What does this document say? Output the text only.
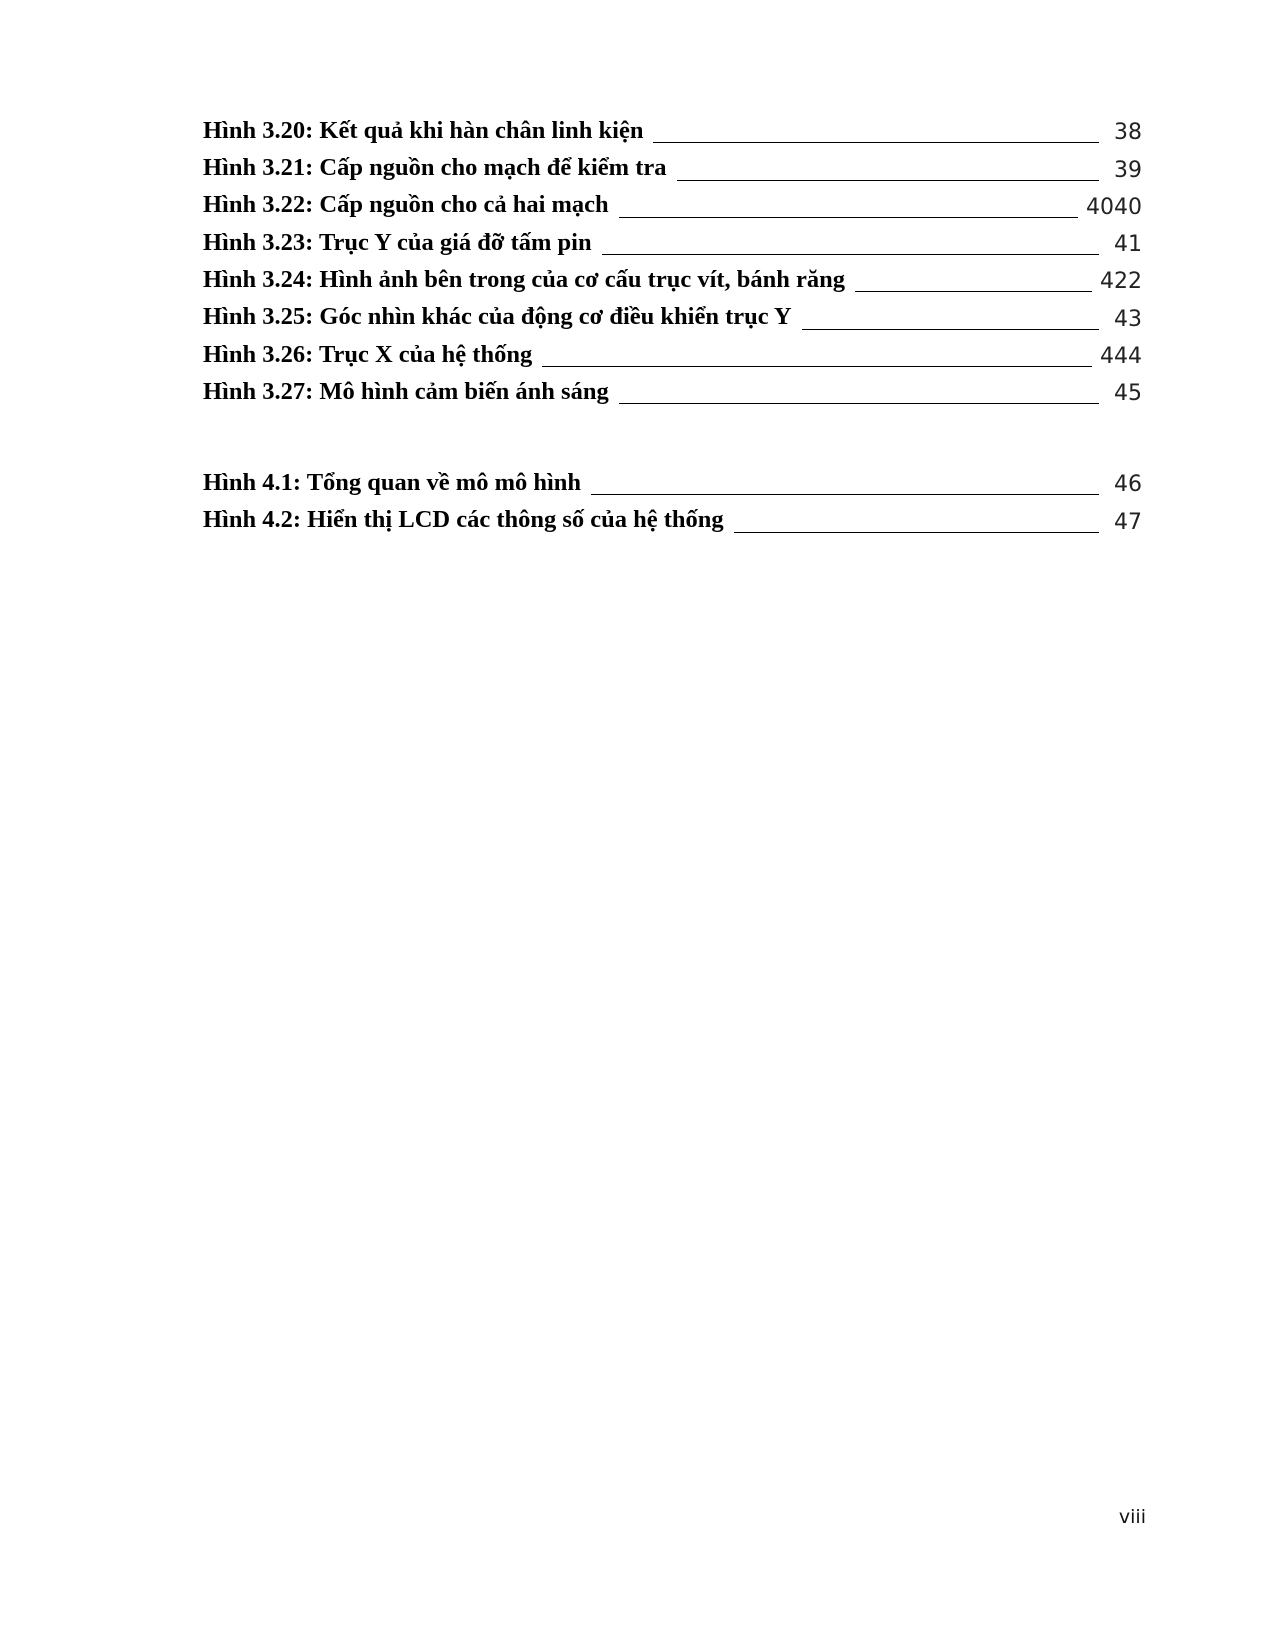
Hình 3.20: Kết quả khi hàn chân linh kiện	38
Hình 3.21: Cấp nguồn cho mạch để kiểm tra	39
Hình 3.22: Cấp nguồn cho cả hai mạch	4040
Hình 3.23: Trục Y của giá đỡ tấm pin	41
Hình 3.24: Hình ảnh bên trong của cơ cấu trục vít, bánh răng	422
Hình 3.25: Góc nhìn khác của động cơ điều khiển trục Y	43
Hình 3.26: Trục X của hệ thống	444
Hình 3.27: Mô hình cảm biến ánh sáng	45
Hình 4.1: Tổng quan về mô mô hình	46
Hình 4.2: Hiển thị LCD các thông số của hệ thống	47
viii
